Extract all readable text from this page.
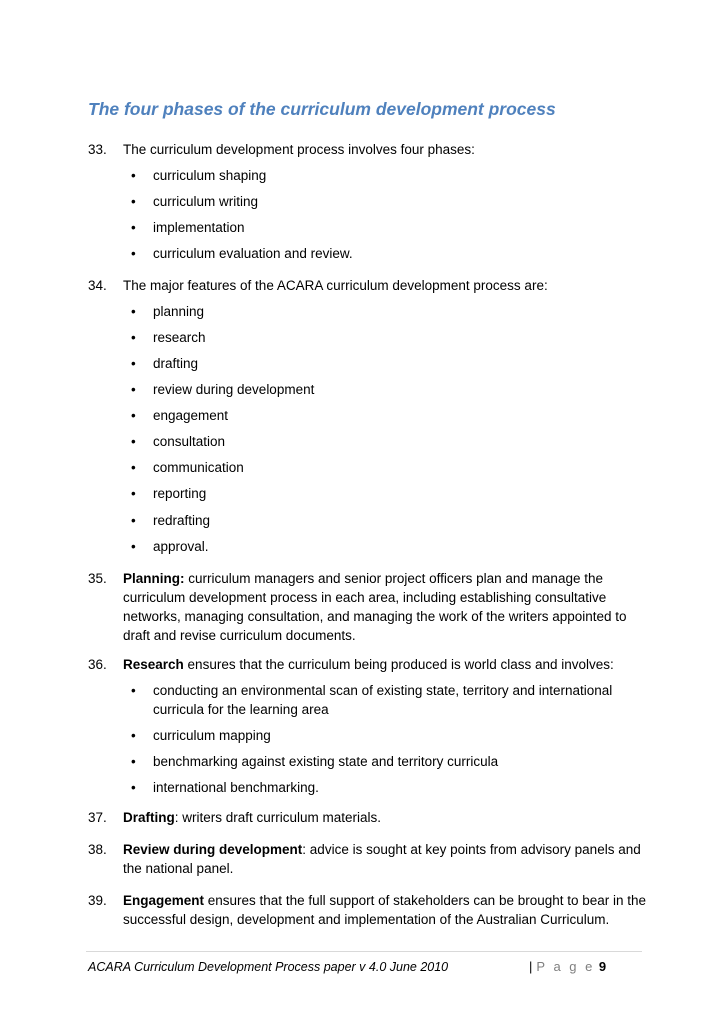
The four phases of the curriculum development process
33. The curriculum development process involves four phases:
• curriculum shaping
• curriculum writing
• implementation
• curriculum evaluation and review.
34. The major features of the ACARA curriculum development process are:
• planning
• research
• drafting
• review during development
• engagement
• consultation
• communication
• reporting
• redrafting
• approval.
35. Planning: curriculum managers and senior project officers plan and manage the curriculum development process in each area, including establishing consultative networks, managing consultation, and managing the work of the writers appointed to draft and revise curriculum documents.
36. Research ensures that the curriculum being produced is world class and involves:
• conducting an environmental scan of existing state, territory and international curricula for the learning area
• curriculum mapping
• benchmarking against existing state and territory curricula
• international benchmarking.
37. Drafting: writers draft curriculum materials.
38. Review during development: advice is sought at key points from advisory panels and the national panel.
39. Engagement ensures that the full support of stakeholders can be brought to bear in the successful design, development and implementation of the Australian Curriculum.
ACARA Curriculum Development Process paper v 4.0 June 2010	| P a g e 9
